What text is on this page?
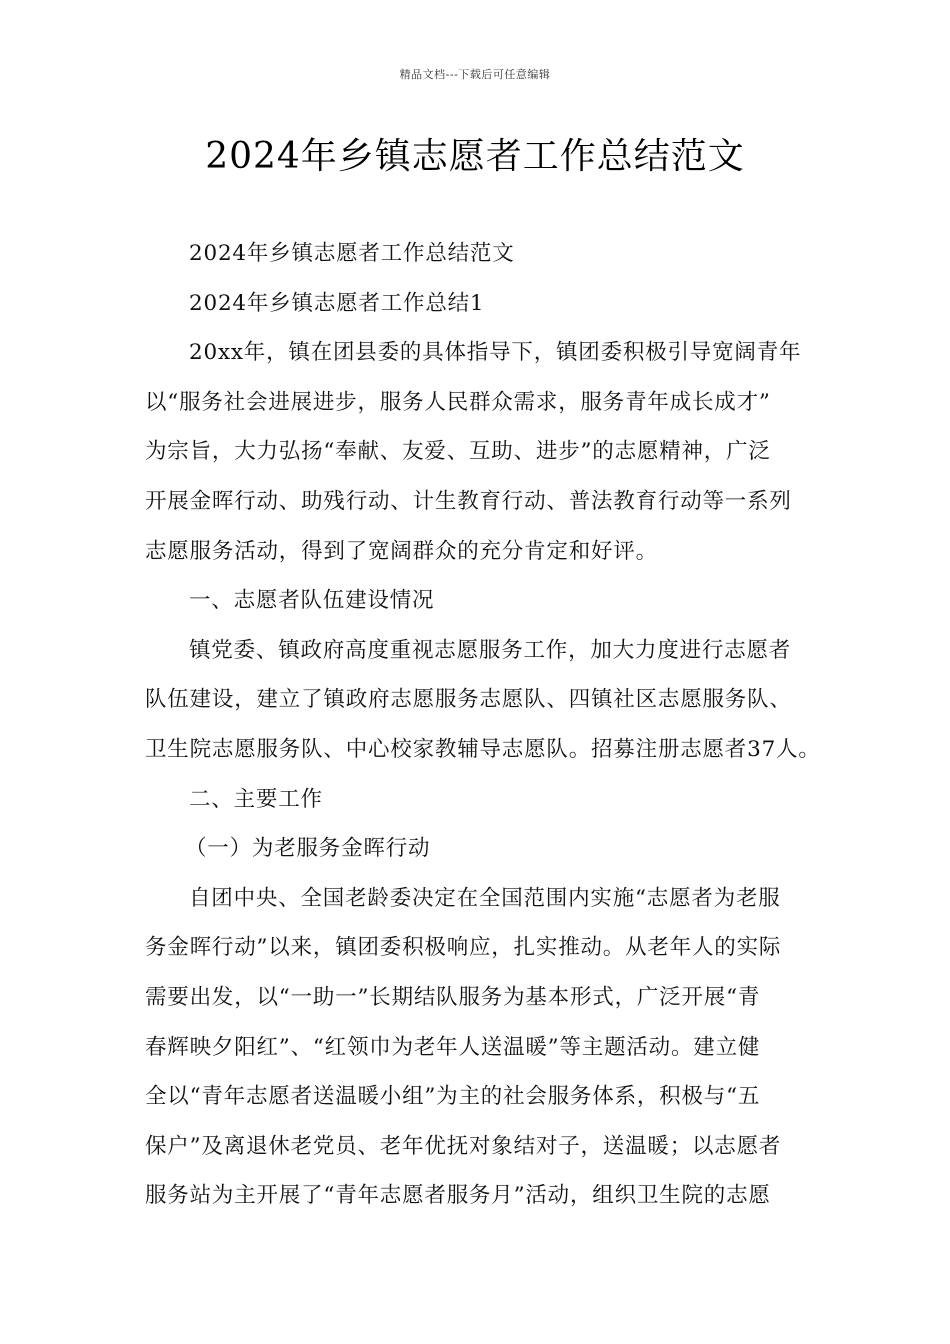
精品文档---下载后可任意编辑
2024年乡镇志愿者工作总结范文
2024年乡镇志愿者工作总结范文
2024年乡镇志愿者工作总结1
20xx年，镇在团县委的具体指导下，镇团委积极引导宽阔青年
以“服务社会进展进步，服务人民群众需求，服务青年成长成才”
为宗旨，大力弘扬“奉献、友爱、互助、进步”的志愿精神，广泛
开展金晖行动、助残行动、计生教育行动、普法教育行动等一系列
志愿服务活动，得到了宽阔群众的充分肯定和好评。
一、志愿者队伍建设情况
镇党委、镇政府高度重视志愿服务工作，加大力度进行志愿者
队伍建设，建立了镇政府志愿服务志愿队、四镇社区志愿服务队、
卫生院志愿服务队、中心校家教辅导志愿队。招募注册志愿者37人。
二、主要工作
（一）为老服务金晖行动
自团中央、全国老龄委决定在全国范围内实施“志愿者为老服
务金晖行动”以来，镇团委积极响应，扎实推动。从老年人的实际
需要出发，以“一助一”长期结队服务为基本形式，广泛开展“青
春辉映夕阳红”、“红领巾为老年人送温暖”等主题活动。建立健
全以“青年志愿者送温暖小组”为主的社会服务体系，积极与“五
保户”及离退休老党员、老年优抚对象结对子，送温暖；以志愿者
服务站为主开展了“青年志愿者服务月”活动，组织卫生院的志愿
